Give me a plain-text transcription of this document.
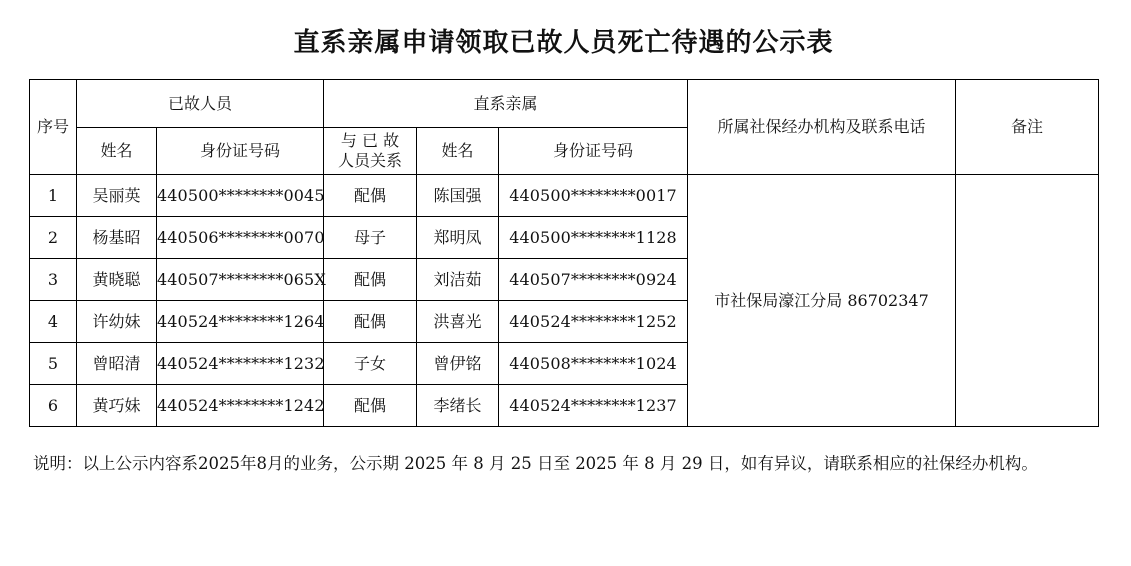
直系亲属申请领取已故人员死亡待遇的公示表
序号	已故人员		直系亲属			所属社保经办机构及联系电话	备注
	姓名	身份证号码	与 已 故
人员关系	姓名	身份证号码		
1	吴丽英	440500********0045	配偶	陈国强	440500********0017	市社保局濠江分局 86702347	
2	杨基昭	440506********0070	母子	郑明凤	440500********1128		
3	黄晓聪	440507********065X	配偶	刘洁茹	440507********0924		
4	许幼妹	440524********1264	配偶	洪喜光	440524********1252		
5	曾昭清	440524********1232	子女	曾伊铭	440508********1024		
6	黄巧妹	440524********1242	配偶	李绪长	440524********1237		
说明：以上公示内容系2025年8月的业务，公示期 2025 年 8 月 25 日至 2025 年 8 月 29 日，如有异议，请联系相应的社保经办机构。
